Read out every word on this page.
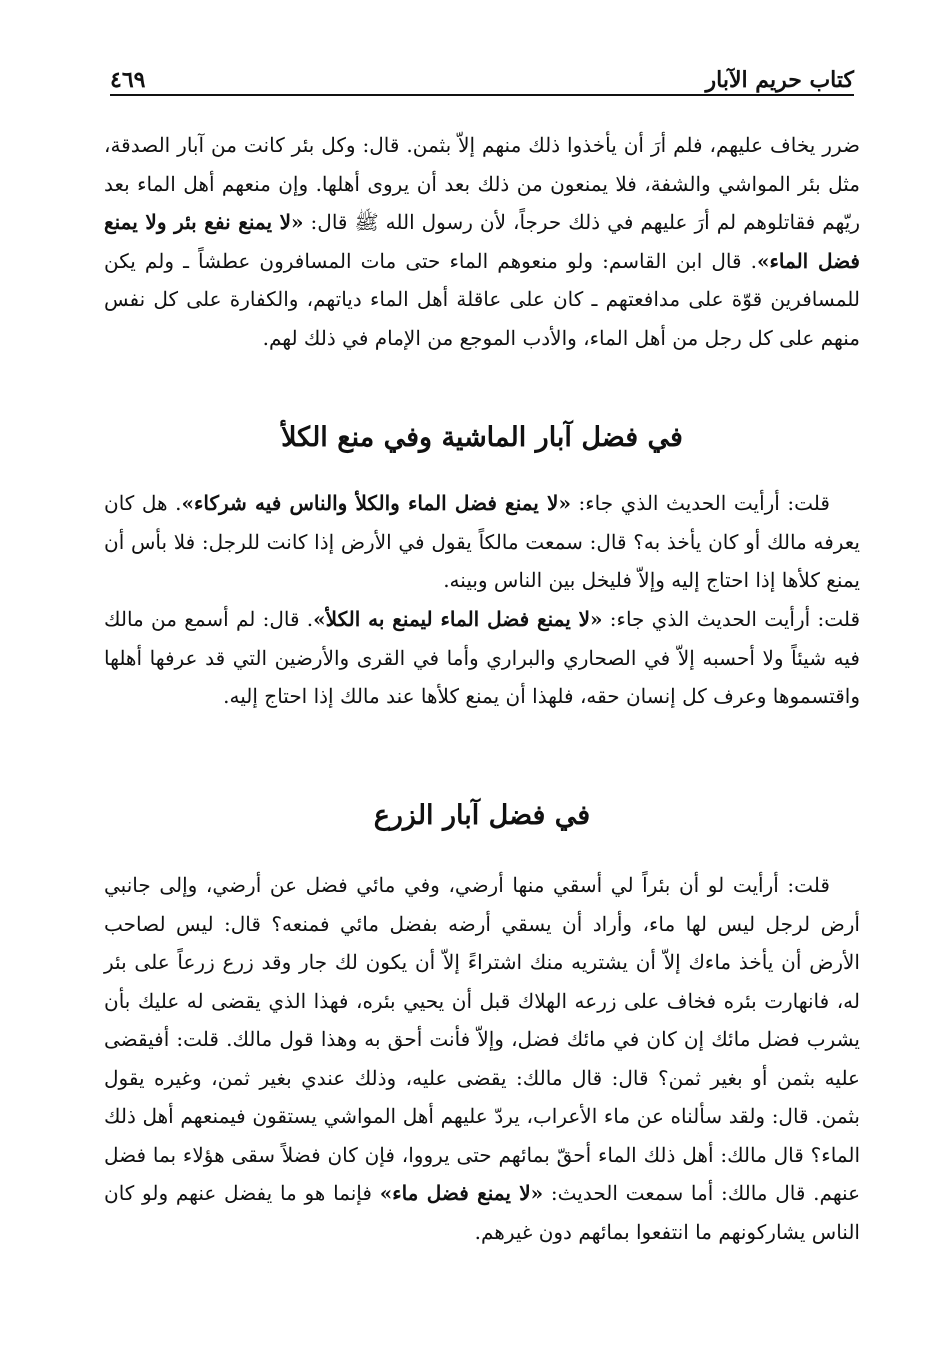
كتاب حريم الآبار
٤٦٩

ضرر يخاف عليهم، فلم أرَ أن يأخذوا ذلك منهم إلاّ بثمن. قال: وكل بئر كانت من آبار الصدقة، مثل بئر المواشي والشفة، فلا يمنعون من ذلك بعد أن يروى أهلها. وإن منعهم أهل الماء بعد ريّهم فقاتلوهم لم أرَ عليهم في ذلك حرجاً، لأن رسول الله ﷺ قال: «لا يمنع نفع بئر ولا يمنع فضل الماء». قال ابن القاسم: ولو منعوهم الماء حتى مات المسافرون عطشاً ـ ولم يكن للمسافرين قوّة على مدافعتهم ـ كان على عاقلة أهل الماء دياتهم، والكفارة على كل نفس منهم على كل رجل من أهل الماء، والأدب الموجع من الإمام في ذلك لهم.

في فضل آبار الماشية وفي منع الكلأ

قلت: أرأيت الحديث الذي جاء: «لا يمنع فضل الماء والكلأ والناس فيه شركاء». هل كان يعرفه مالك أو كان يأخذ به؟ قال: سمعت مالكاً يقول في الأرض إذا كانت للرجل: فلا بأس أن يمنع كلأها إذا احتاج إليه وإلاّ فليخل بين الناس وبينه.

قلت: أرأيت الحديث الذي جاء: «لا يمنع فضل الماء ليمنع به الكلأ». قال: لم أسمع من مالك فيه شيئاً ولا أحسبه إلاّ في الصحاري والبراري وأما في القرى والأرضين التي قد عرفها أهلها واقتسموها وعرف كل إنسان حقه، فلهذا أن يمنع كلأها عند مالك إذا احتاج إليه.

في فضل آبار الزرع

قلت: أرأيت لو أن بئراً لي أسقي منها أرضي، وفي مائي فضل عن أرضي، وإلى جانبي أرض لرجل ليس لها ماء، وأراد أن يسقي أرضه بفضل مائي فمنعه؟ قال: ليس لصاحب الأرض أن يأخذ ماءك إلاّ أن يشتريه منك اشتراءً إلاّ أن يكون لك جار وقد زرع زرعاً على بئر له، فانهارت بئره فخاف على زرعه الهلاك قبل أن يحيي بئره، فهذا الذي يقضى له عليك بأن يشرب فضل مائك إن كان في مائك فضل، وإلاّ فأنت أحق به وهذا قول مالك. قلت: أفيقضى عليه بثمن أو بغير ثمن؟ قال: قال مالك: يقضى عليه، وذلك عندي بغير ثمن، وغيره يقول بثمن. قال: ولقد سألناه عن ماء الأعراب، يردّ عليهم أهل المواشي يستقون فيمنعهم أهل ذلك الماء؟ قال مالك: أهل ذلك الماء أحقّ بمائهم حتى يرووا، فإن كان فضلاً سقى هؤلاء بما فضل عنهم. قال مالك: أما سمعت الحديث: «لا يمنع فضل ماء» فإنما هو ما يفضل عنهم ولو كان الناس يشاركونهم ما انتفعوا بمائهم دون غيرهم.
